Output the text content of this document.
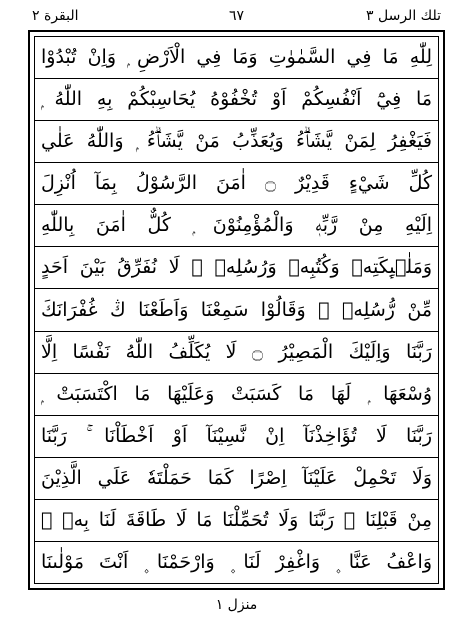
تلك الرسل ٣
٦٧
البقرة ٢
لِلّٰهِ مَا فِي السَّمٰوٰتِ وَمَا فِي الْاَرْضِ ۭ وَاِنْ تُبْدُوْا
مَا فِيْٓ اَنْفُسِكُمْ اَوْ تُخْفُوْهُ يُحَاسِبْكُمْ بِهِ اللّٰهُ ۭ
فَيَغْفِرُ لِمَنْ يَّشَاۗءُ وَيُعَذِّبُ مَنْ يَّشَاۗءُ ۭ وَاللّٰهُ عَلٰي
كُلِّ شَيْءٍ قَدِيْرٌ ۝ اٰمَنَ الرَّسُوْلُ بِمَآ اُنْزِلَ
اِلَيْهِ مِنْ رَّبِّهٖ وَالْمُؤْمِنُوْنَ ۭ كُلٌّ اٰمَنَ بِاللّٰهِ
وَمَلٰۗىِٕكَتِهٖ وَكُتُبِهٖ وَرُسُلِهٖ ۣ لَا نُفَرِّقُ بَيْنَ اَحَدٍ
مِّنْ رُّسُلِهٖ ۣ وَقَالُوْا سَمِعْنَا وَاَطَعْنَا ڭ غُفْرَانَكَ
رَبَّنَا وَاِلَيْكَ الْمَصِيْرُ ۝ لَا يُكَلِّفُ اللّٰهُ نَفْسًا اِلَّا
وُسْعَهَا ۭ لَهَا مَا كَسَبَتْ وَعَلَيْهَا مَا اكْتَسَبَتْ ۭ
رَبَّنَا لَا تُؤَاخِذْنَآ اِنْ نَّسِيْنَآ اَوْ اَخْطَاْنَا ۚ رَبَّنَا
وَلَا تَحْمِلْ عَلَيْنَآ اِصْرًا كَمَا حَمَلْتَهٗ عَلَي الَّذِيْنَ
مِنْ قَبْلِنَا ۚ رَبَّنَا وَلَا تُحَمِّلْنَا مَا لَا طَاقَةَ لَنَا بِهٖ ۚ
وَاعْفُ عَنَّا ۪ وَاغْفِرْ لَنَا ۪ وَارْحَمْنَا ۪ اَنْتَ مَوْلٰىنَا
منزل ١
